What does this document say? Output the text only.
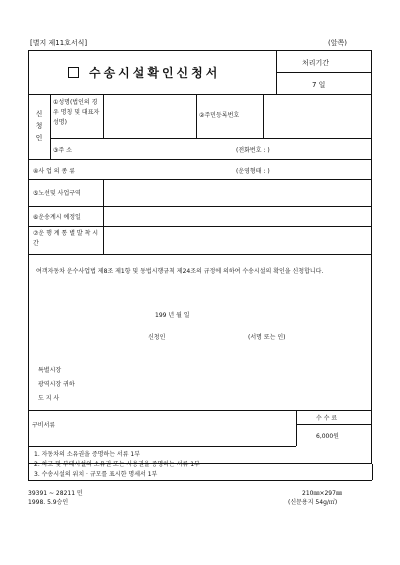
[별지 제11호서식]	(앞쪽)
수송시설확인신청서
처리기간
7 일
신청인
①성명(법인의 경우 명칭 및 대표자성명)
②주민등록번호
③주 소	(전화번호 : )
④사 업 의 종 류	(운영형태 : )
⑤노선및 사업구역
⑥운송계시 예정일
⑦운 행 계 통 별 발 착 시 간
여객자동차 운수사업법 제8조 제1항 및 동법시행규칙 제24조의 규정에 의하여 수송시설의 확인을 신청합니다.
199 년 월 일
신청인	(서명 또는 인)
특별시장
광역시장 귀하
도 지 사
구비서류
수 수 료
6,000원
1. 자동차의 소유권을 증명하는 서류 1부
2. 차고 및 부대시설의 소유권 또는 사용권을 증명하는 서류 1부
3. 수송시설의 위치 · 규모를 표시한 명세서 1부
39391 ~ 28211 민
1998. 5.9승인
210㎜×297㎜
(신문용지 54g/㎡)
